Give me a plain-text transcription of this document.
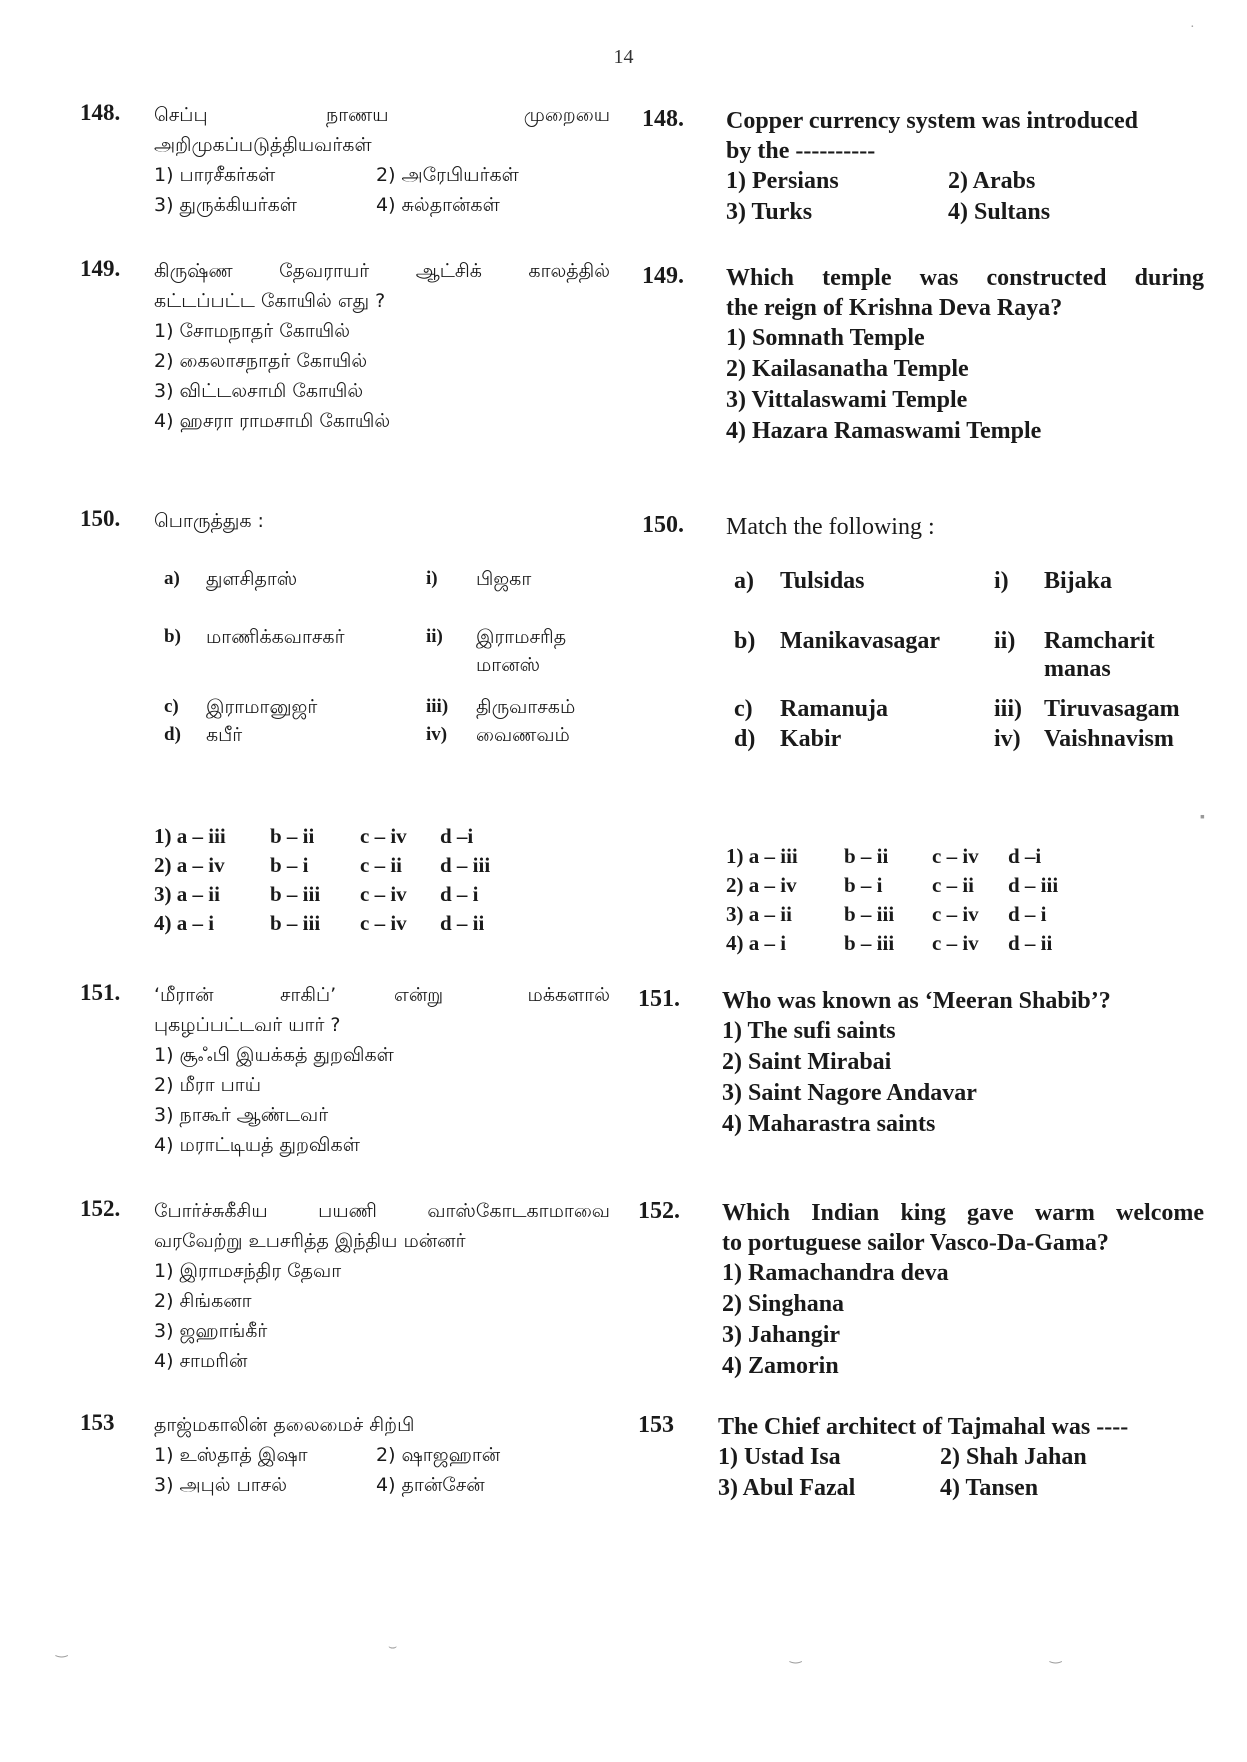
14
148. செப்பு	நாணய	முறையை
அறிமுகப்படுத்தியவர்கள்
1) பாரசீகர்கள்	2) அரேபியர்கள்
3) துருக்கியர்கள்	4) சுல்தான்கள்
149. கிருஷ்ண தேவராயர் ஆட்சிக் காலத்தில்
கட்டப்பட்ட கோயில் எது ?
1) சோமநாதர் கோயில்
2) கைலாசநாதர் கோயில்
3) விட்டலசாமி கோயில்
4) ஹசரா ராமசாமி கோயில்
150. பொருத்துக :
a) துளசிதாஸ்	i) பிஜகா
b) மாணிக்கவாசகர்	ii) இராமசரித
மானஸ்
c) இராமானுஜர்	iii) திருவாசகம்
d) கபீர்	iv) வைணவம்
1) a – iii b – ii c – iv d –i
2) a – iv b – i c – ii d – iii
3) a – ii b – iii c – iv d – i
4) a – i	b – iii c – iv d – ii
151. ‘மீரான்	சாகிப்’	என்று	மக்களால்
புகழப்பட்டவர் யார் ?
1) சூஃபி இயக்கத் துறவிகள்
2) மீரா பாய்
3) நாகூர் ஆண்டவர்
4) மராட்டியத் துறவிகள்
152. போர்ச்சுகீசிய பயணி வாஸ்கோடகாமாவை
வரவேற்று உபசரித்த இந்திய மன்னர்
1) இராமசந்திர தேவா
2) சிங்கனா
3) ஜஹாங்கீர்
4) சாமரின்
153 தாஜ்மகாலின் தலைமைச் சிற்பி
1) உஸ்தாத் இஷா	2) ஷாஜஹான்
3) அபுல் பாசல்	4) தான்சேன்
148. Copper currency system was introduced
by the ----------
1) Persians	2) Arabs
3) Turks	4) Sultans
149. Which temple was constructed during
the reign of Krishna Deva Raya?
1) Somnath Temple
2) Kailasanatha Temple
3) Vittalaswami Temple
4) Hazara Ramaswami Temple
150. Match the following :
a) Tulsidas	i) Bijaka
b) Manikavasagar ii) Ramcharit
manas
c) Ramanuja	iii) Tiruvasagam
d) Kabir	iv) Vaishnavism
1) a – iii b – ii c – iv d –i
2) a – iv b – i c – ii d – iii
3) a – ii b – iii c – iv d – i
4) a – i	b – iii c – iv d – ii
151. Who was known as ‘Meeran Shabib’?
1) The sufi saints
2) Saint Mirabai
3) Saint Nagore Andavar
4) Maharastra saints
152. Which Indian king gave warm welcome
to portuguese sailor Vasco-Da-Gama?
1) Ramachandra deva
2) Singhana
3) Jahangir
4) Zamorin
153 The Chief architect of Tajmahal was ----
1) Ustad Isa	2) Shah Jahan
3) Abul Fazal	4) Tansen
·
▪
‿	⌣
‿	‿
